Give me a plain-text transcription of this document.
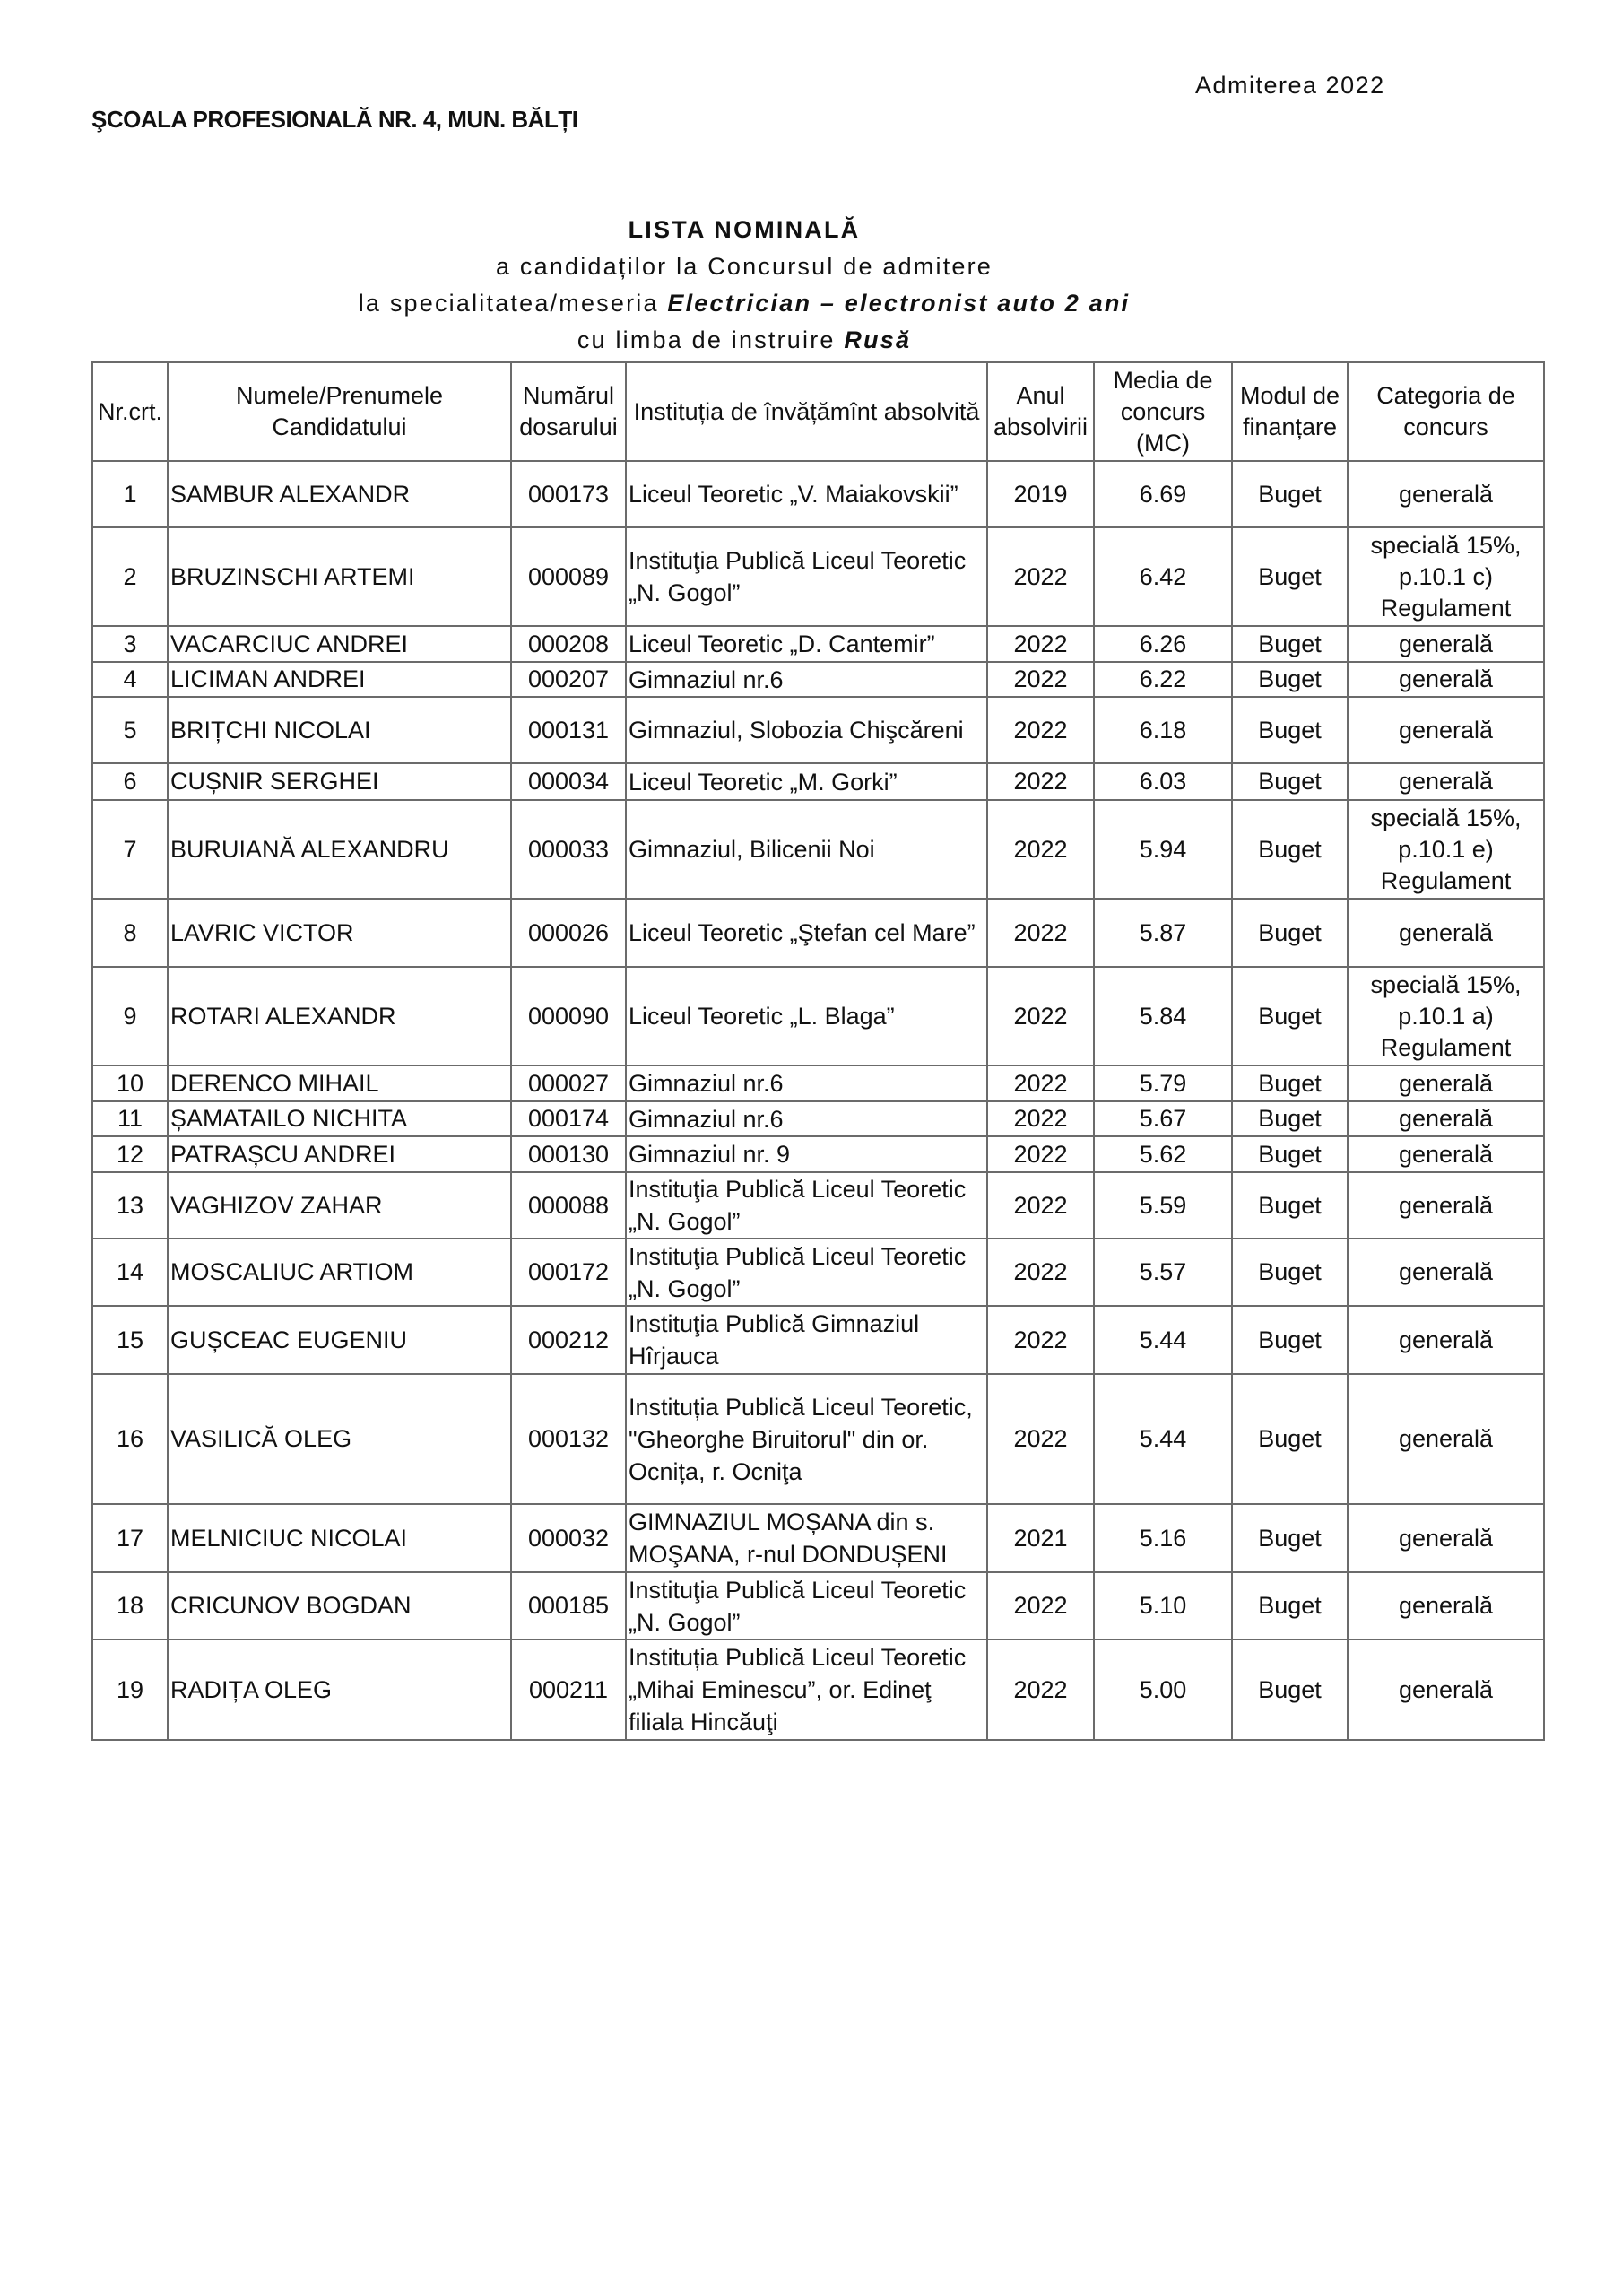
Admiterea 2022
ŞCOALA PROFESIONALĂ NR. 4, MUN. BĂLȚI
LISTA NOMINALĂ
a candidaților la Concursul de admitere
la specialitatea/meseria Electrician – electronist auto 2 ani
cu limba de instruire Rusă
Nr.crt.	Numele/Prenumele Candidatului	Numărul dosarului	Instituția de învățămînt absolvită	Anul absolvirii	Media de concurs (MC)	Modul de finanțare	Categoria de concurs
1	SAMBUR ALEXANDR	000173	Liceul Teoretic „V. Maiakovskii”	2019	6.69	Buget	generală
2	BRUZINSCHI ARTEMI	000089	Instituţia Publică Liceul Teoretic „N. Gogol”	2022	6.42	Buget	specială 15%, p.10.1 c) Regulament
3	VACARCIUC ANDREI	000208	Liceul Teoretic „D. Cantemir”	2022	6.26	Buget	generală
4	LICIMAN ANDREI	000207	Gimnaziul nr.6	2022	6.22	Buget	generală
5	BRIȚCHI NICOLAI	000131	Gimnaziul, Slobozia Chişcăreni	2022	6.18	Buget	generală
6	CUȘNIR SERGHEI	000034	Liceul Teoretic „M. Gorki”	2022	6.03	Buget	generală
7	BURUIANĂ ALEXANDRU	000033	Gimnaziul, Bilicenii Noi	2022	5.94	Buget	specială 15%, p.10.1 e) Regulament
8	LAVRIC VICTOR	000026	Liceul Teoretic „Ştefan cel Mare”	2022	5.87	Buget	generală
9	ROTARI ALEXANDR	000090	Liceul Teoretic „L. Blaga”	2022	5.84	Buget	specială 15%, p.10.1 a) Regulament
10	DERENCO MIHAIL	000027	Gimnaziul nr.6	2022	5.79	Buget	generală
11	ȘAMATAILO NICHITA	000174	Gimnaziul nr.6	2022	5.67	Buget	generală
12	PATRAȘCU ANDREI	000130	Gimnaziul nr. 9	2022	5.62	Buget	generală
13	VAGHIZOV ZAHAR	000088	Instituţia Publică Liceul Teoretic „N. Gogol”	2022	5.59	Buget	generală
14	MOSCALIUC ARTIOM	000172	Instituţia Publică Liceul Teoretic „N. Gogol”	2022	5.57	Buget	generală
15	GUȘCEAC EUGENIU	000212	Instituţia Publică Gimnaziul Hîrjauca	2022	5.44	Buget	generală
16	VASILICĂ OLEG	000132	Instituția Publică Liceul Teoretic, "Gheorghe Biruitorul" din or. Ocnița, r. Ocniţa	2022	5.44	Buget	generală
17	MELNICIUC NICOLAI	000032	GIMNAZIUL MOȘANA din s. MOŞANA, r-nul DONDUȘENI	2021	5.16	Buget	generală
18	CRICUNOV BOGDAN	000185	Instituţia Publică Liceul Teoretic „N. Gogol”	2022	5.10	Buget	generală
19	RADIȚA OLEG	000211	Instituția Publică Liceul Teoretic „Mihai Eminescu”, or. Edineţ filiala Hincăuţi	2022	5.00	Buget	generală
